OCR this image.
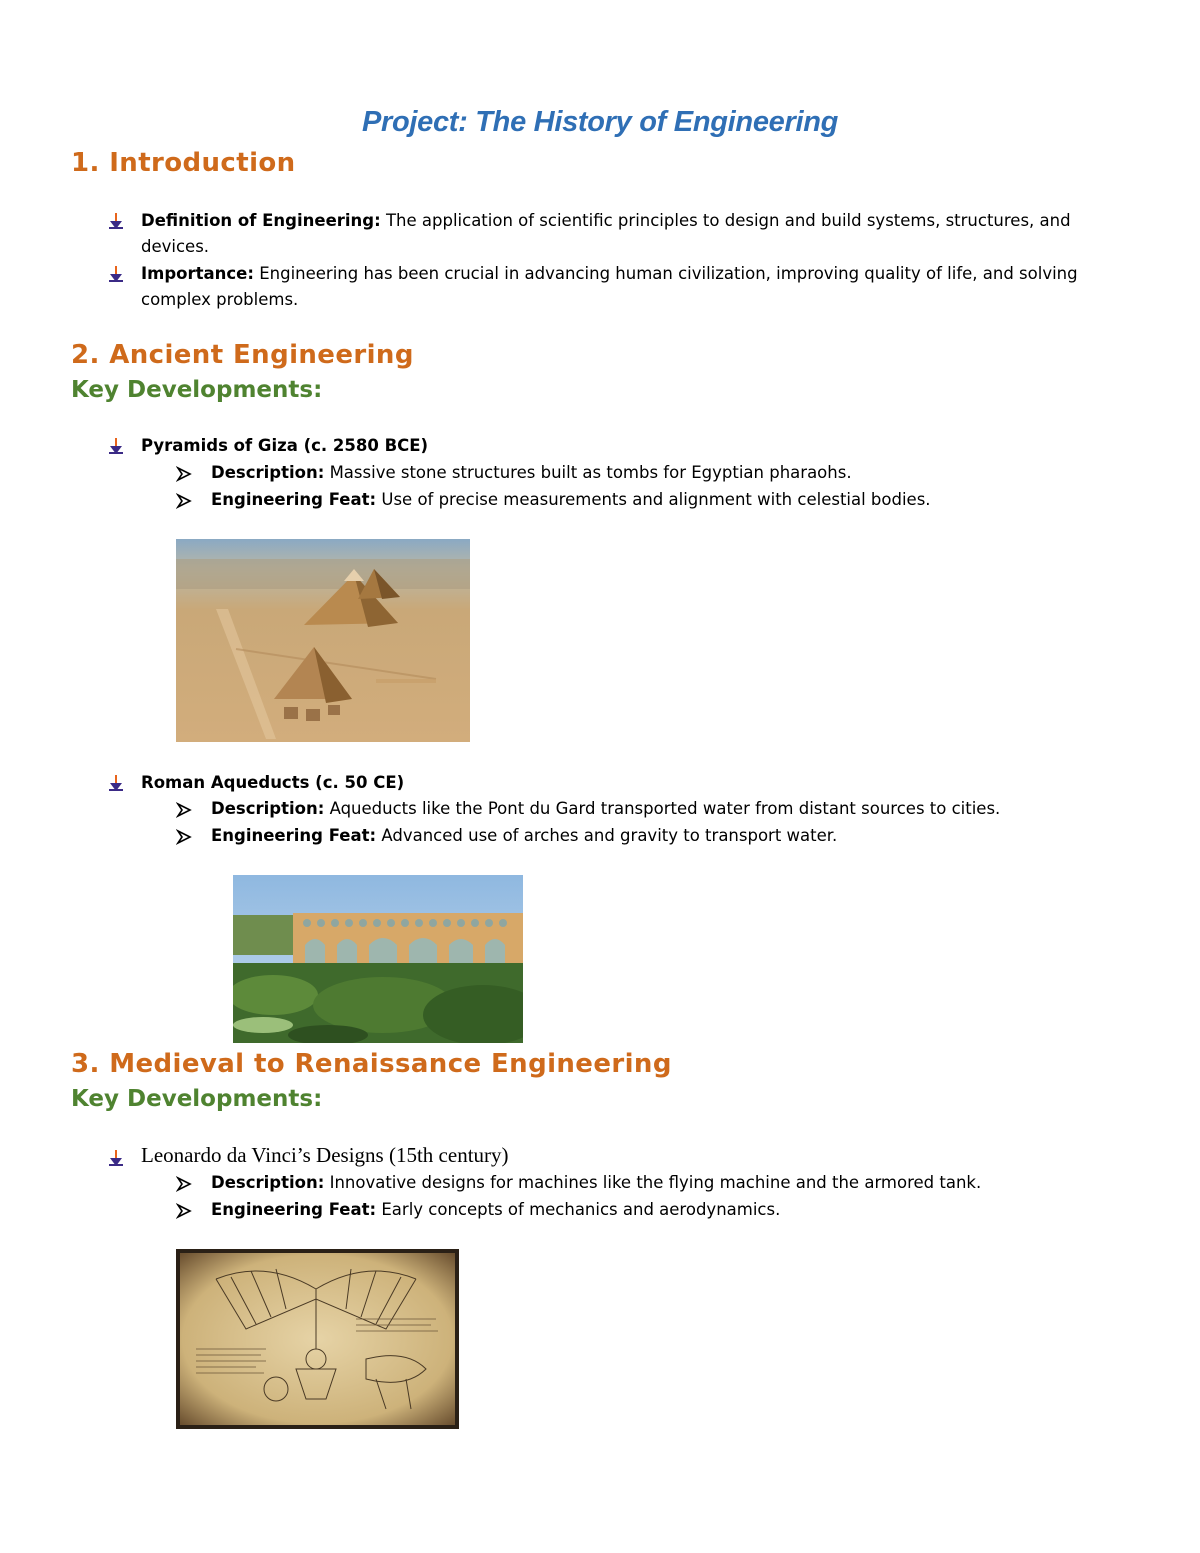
Project: The History of Engineering
1. Introduction

Definition of Engineering: The application of scientific principles to design and build systems, structures, and devices.

Importance: Engineering has been crucial in advancing human civilization, improving quality of life, and solving complex problems.

2. Ancient Engineering
Key Developments:

Pyramids of Giza (c. 2580 BCE)

Description: Massive stone structures built as tombs for Egyptian pharaohs.

Engineering Feat: Use of precise measurements and alignment with celestial bodies.

Roman Aqueducts (c. 50 CE)

Description: Aqueducts like the Pont du Gard transported water from distant sources to cities.

Engineering Feat: Advanced use of arches and gravity to transport water.

3. Medieval to Renaissance Engineering
Key Developments:

Leonardo da Vinci’s Designs (15th century)

Description: Innovative designs for machines like the flying machine and the armored tank.

Engineering Feat: Early concepts of mechanics and aerodynamics.
